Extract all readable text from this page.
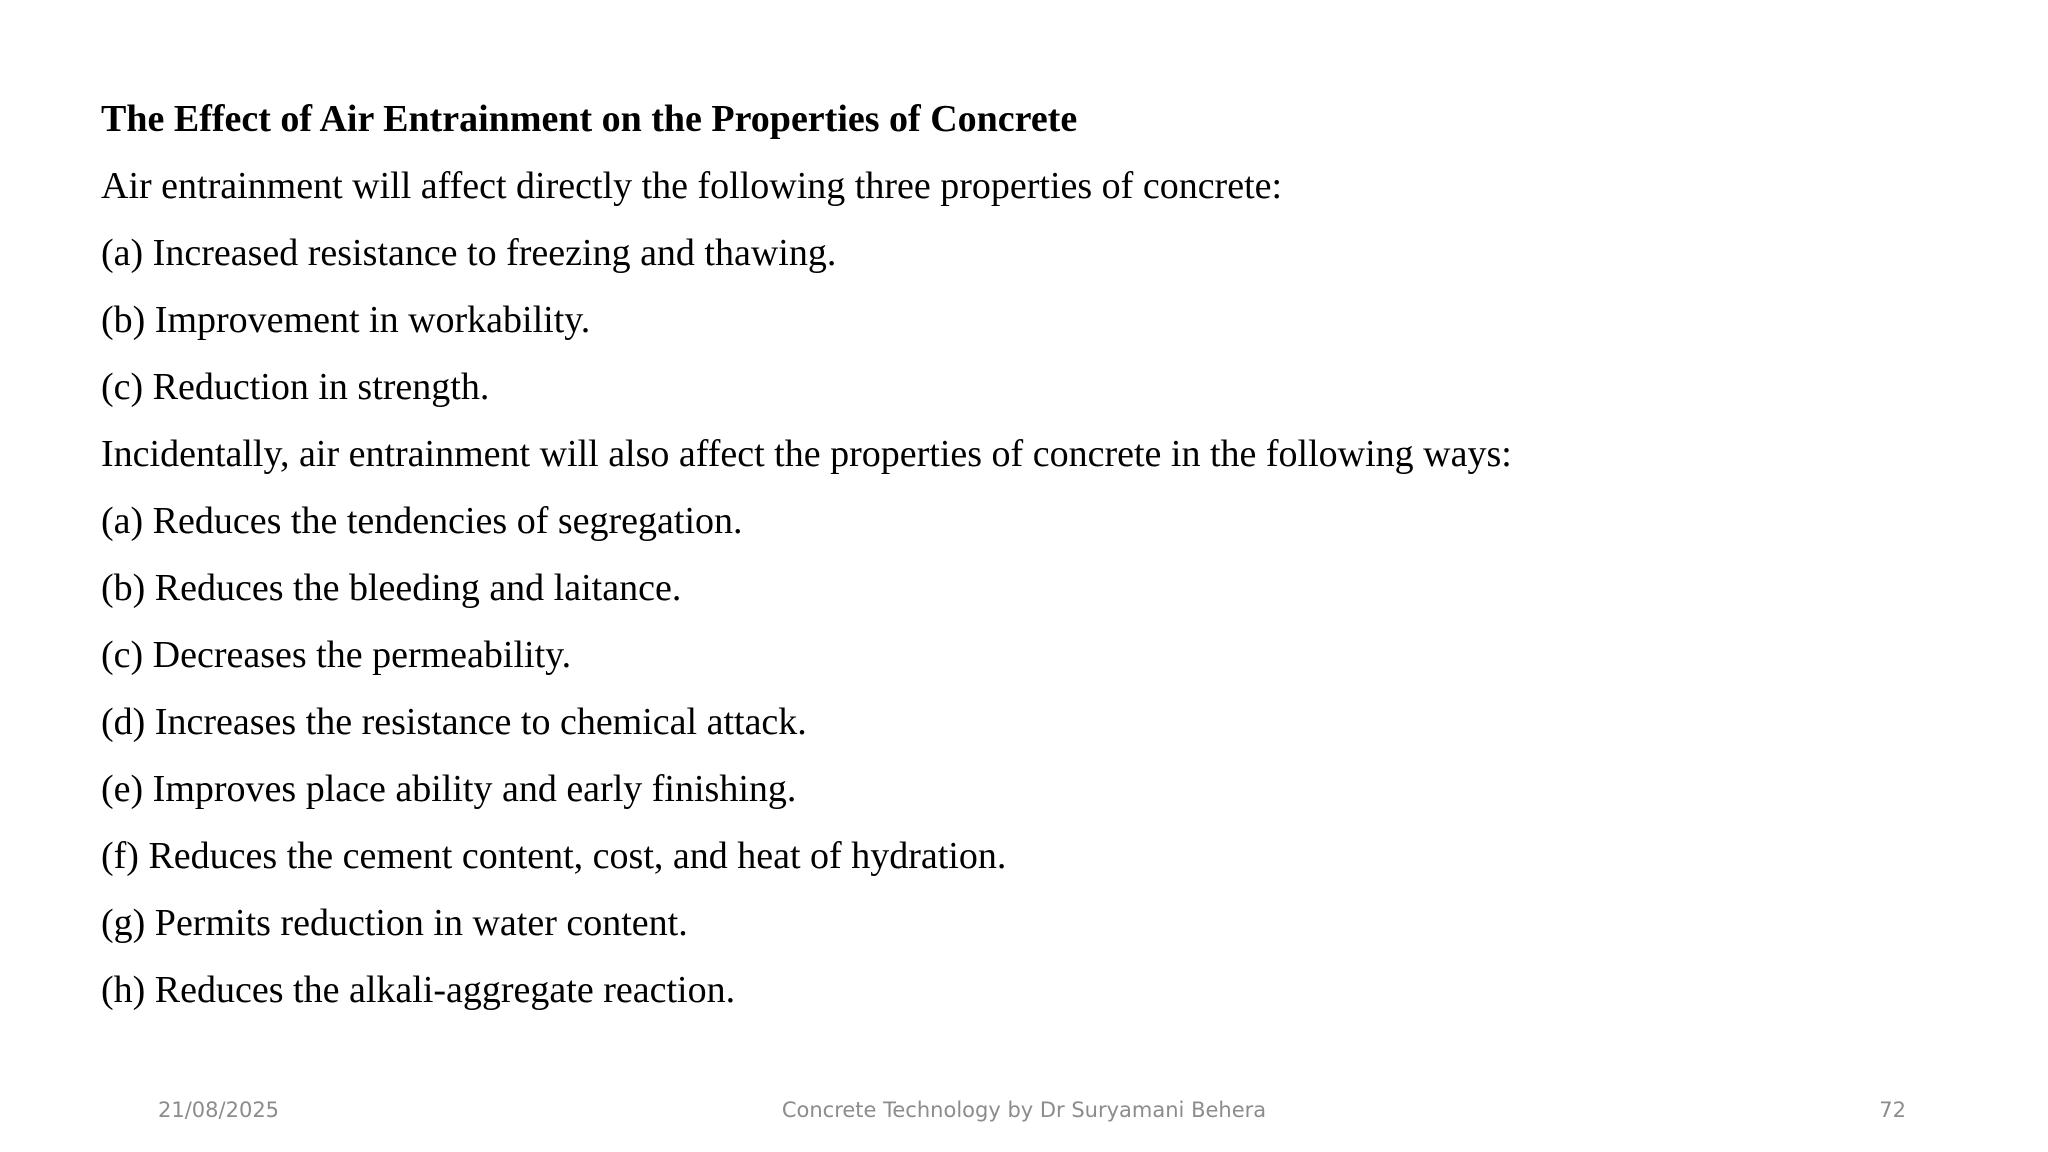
The Effect of Air Entrainment on the Properties of Concrete
Air entrainment will affect directly the following three properties of concrete:
(a) Increased resistance to freezing and thawing.
(b) Improvement in workability.
(c) Reduction in strength.
Incidentally, air entrainment will also affect the properties of concrete in the following ways:
(a) Reduces the tendencies of segregation.
(b) Reduces the bleeding and laitance.
(c) Decreases the permeability.
(d) Increases the resistance to chemical attack.
(e) Improves place ability and early finishing.
(f) Reduces the cement content, cost, and heat of hydration.
(g) Permits reduction in water content.
(h) Reduces the alkali-aggregate reaction.
21/08/2025	Concrete Technology by Dr Suryamani Behera	72
